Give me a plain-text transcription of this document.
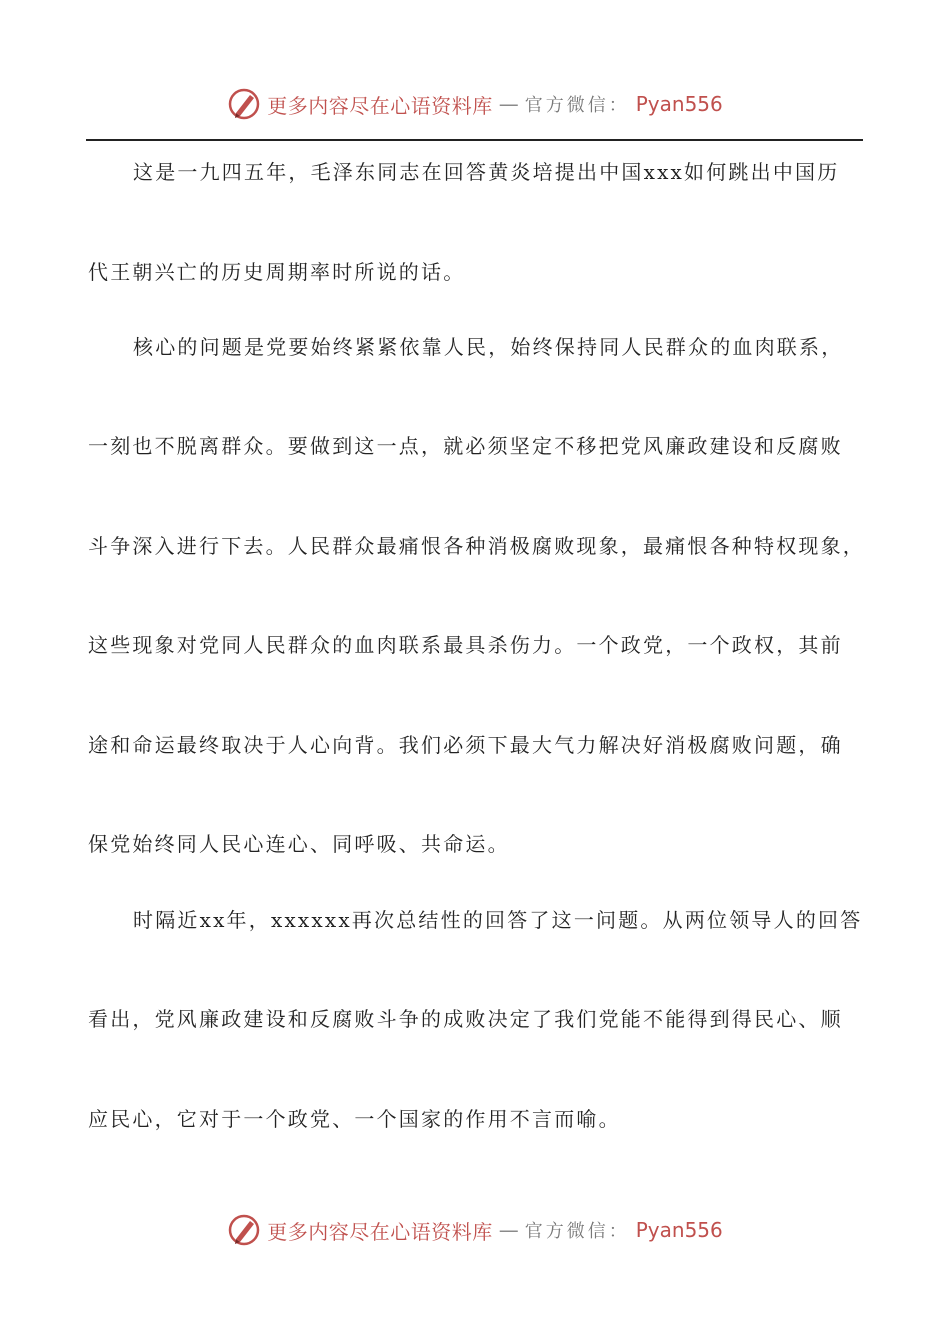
更多内容尽在心语资料库 — 官方微信： Pyan556
这是一九四五年，毛泽东同志在回答黄炎培提出中国xxx如何跳出中国历
代王朝兴亡的历史周期率时所说的话。
核心的问题是党要始终紧紧依靠人民，始终保持同人民群众的血肉联系，
一刻也不脱离群众。要做到这一点，就必须坚定不移把党风廉政建设和反腐败
斗争深入进行下去。人民群众最痛恨各种消极腐败现象，最痛恨各种特权现象，
这些现象对党同人民群众的血肉联系最具杀伤力。一个政党，一个政权，其前
途和命运最终取决于人心向背。我们必须下最大气力解决好消极腐败问题，确
保党始终同人民心连心、同呼吸、共命运。
时隔近xx年，xxxxxx再次总结性的回答了这一问题。从两位领导人的回答
看出，党风廉政建设和反腐败斗争的成败决定了我们党能不能得到得民心、顺
应民心，它对于一个政党、一个国家的作用不言而喻。
更多内容尽在心语资料库 — 官方微信： Pyan556
